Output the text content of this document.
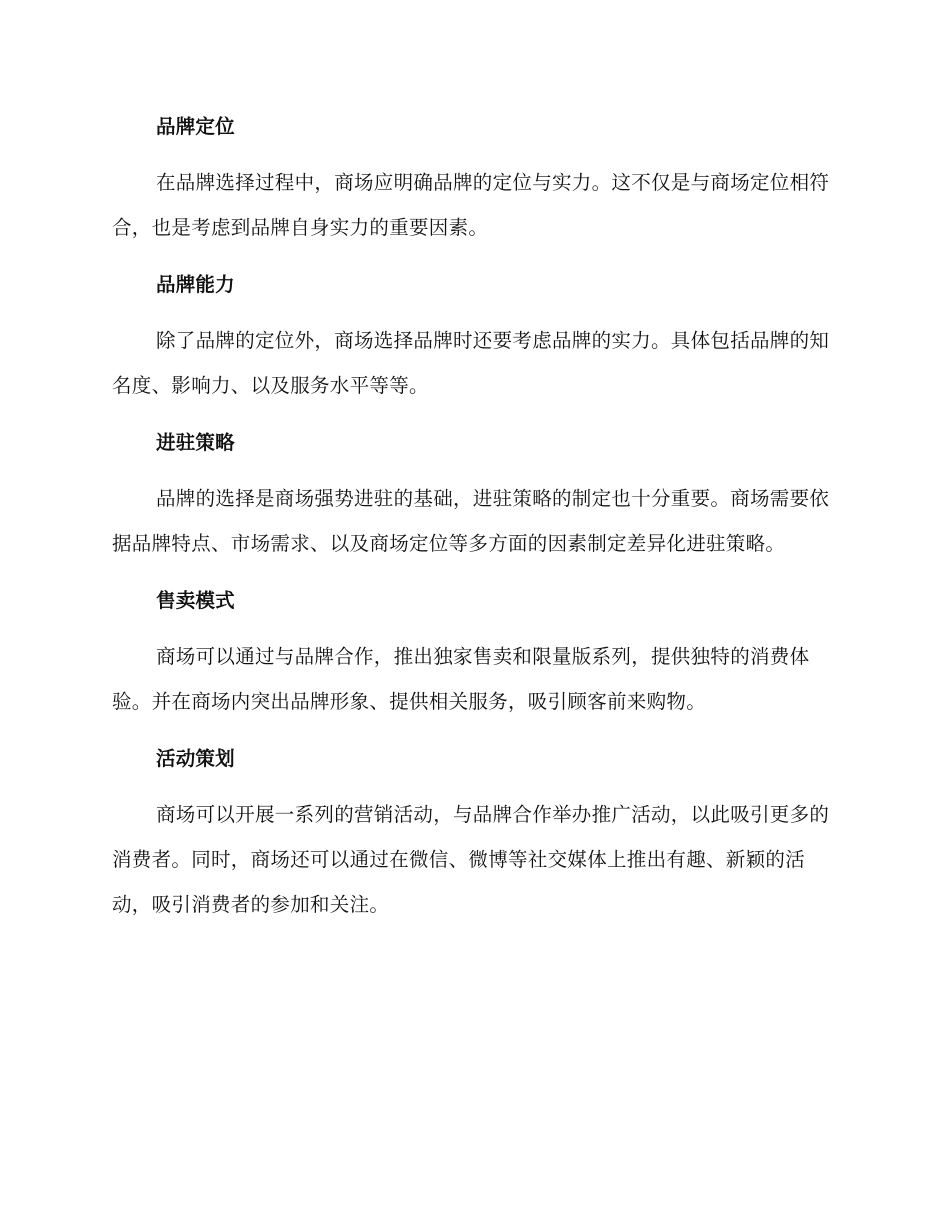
品牌定位

在品牌选择过程中，商场应明确品牌的定位与实力。这不仅是与商场定位相符合，也是考虑到品牌自身实力的重要因素。

品牌能力

除了品牌的定位外，商场选择品牌时还要考虑品牌的实力。具体包括品牌的知名度、影响力、以及服务水平等等。

进驻策略

品牌的选择是商场强势进驻的基础，进驻策略的制定也十分重要。商场需要依据品牌特点、市场需求、以及商场定位等多方面的因素制定差异化进驻策略。

售卖模式

商场可以通过与品牌合作，推出独家售卖和限量版系列，提供独特的消费体验。并在商场内突出品牌形象、提供相关服务，吸引顾客前来购物。

活动策划

商场可以开展一系列的营销活动，与品牌合作举办推广活动，以此吸引更多的消费者。同时，商场还可以通过在微信、微博等社交媒体上推出有趣、新颖的活动，吸引消费者的参加和关注。
